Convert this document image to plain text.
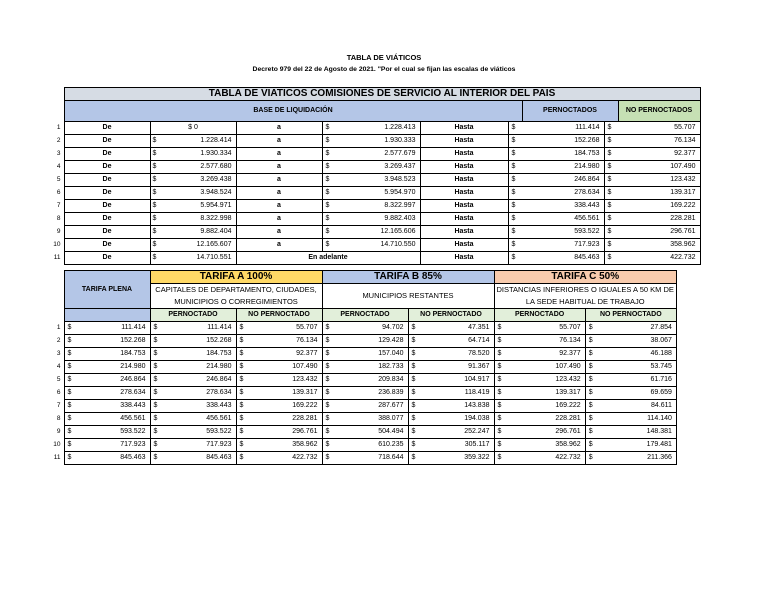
TABLA DE VIÁTICOS
Decreto 979 del 22 de Agosto de 2021. "Por el cual se fijan las escalas de viáticos
	TABLA DE VIATICOS COMISIONES DE SERVICIO AL INTERIOR DEL PAIS									
	BASE DE LIQUIDACIÓN							PERNOCTADOS		NO PERNOCTADOS
1	De	$ 0	a	$	1.228.413	Hasta	$	111.414	$	55.707
2	De	$ 1.228.414	a	$	1.930.333	Hasta	$	152.268	$	76.134
3	De	$ 1.930.334	a	$	2.577.679	Hasta	$	184.753	$	92.377
4	De	$ 2.577.680	a	$	3.269.437	Hasta	$	214.980	$	107.490
5	De	$ 3.269.438	a	$	3.948.523	Hasta	$	246.864	$	123.432
6	De	$ 3.948.524	a	$	5.954.970	Hasta	$	278.634	$	139.317
7	De	$ 5.954.971	a	$	8.322.997	Hasta	$	338.443	$	169.222
8	De	$ 8.322.998	a	$	9.882.403	Hasta	$	456.561	$	228.281
9	De	$ 9.882.404	a	$	12.165.606	Hasta	$	593.522	$	296.761
10	De	$ 12.165.607	a	$	14.710.550	Hasta	$	717.923	$	358.962
11	De	$ 14.710.551	En adelante			Hasta	$	845.463	$	422.732
	TARIFA PLENA		TARIFA A 100%				TARIFA B 85%				TARIFA C 50%			
			CAPITALES DE DEPARTAMENTO, CIUDADES,				MUNICIPIOS RESTANTES				DISTANCIAS INFERIORES O IGUALES A 50 KM DE			
			MUNICIPIOS O CORREGIMIENTOS								LA SEDE HABITUAL DE TRABAJO			
			PERNOCTADO		NO PERNOCTADO		PERNOCTADO		NO PERNOCTADO		PERNOCTADO		NO PERNOCTADO	
1	$	111.414	$	111.414	$	55.707	$	94.702	$	47.351	$	55.707	$	27.854
2	$	152.268	$	152.268	$	76.134	$	129.428	$	64.714	$	76.134	$	38.067
3	$	184.753	$	184.753	$	92.377	$	157.040	$	78.520	$	92.377	$	46.188
4	$	214.980	$	214.980	$	107.490	$	182.733	$	91.367	$	107.490	$	53.745
5	$	246.864	$	246.864	$	123.432	$	209.834	$	104.917	$	123.432	$	61.716
6	$	278.634	$	278.634	$	139.317	$	236.839	$	118.419	$	139.317	$	69.659
7	$	338.443	$	338.443	$	169.222	$	287.677	$	143.838	$	169.222	$	84.611
8	$	456.561	$	456.561	$	228.281	$	388.077	$	194.038	$	228.281	$	114.140
9	$	593.522	$	593.522	$	296.761	$	504.494	$	252.247	$	296.761	$	148.381
10	$	717.923	$	717.923	$	358.962	$	610.235	$	305.117	$	358.962	$	179.481
11	$	845.463	$	845.463	$	422.732	$	718.644	$	359.322	$	422.732	$	211.366
